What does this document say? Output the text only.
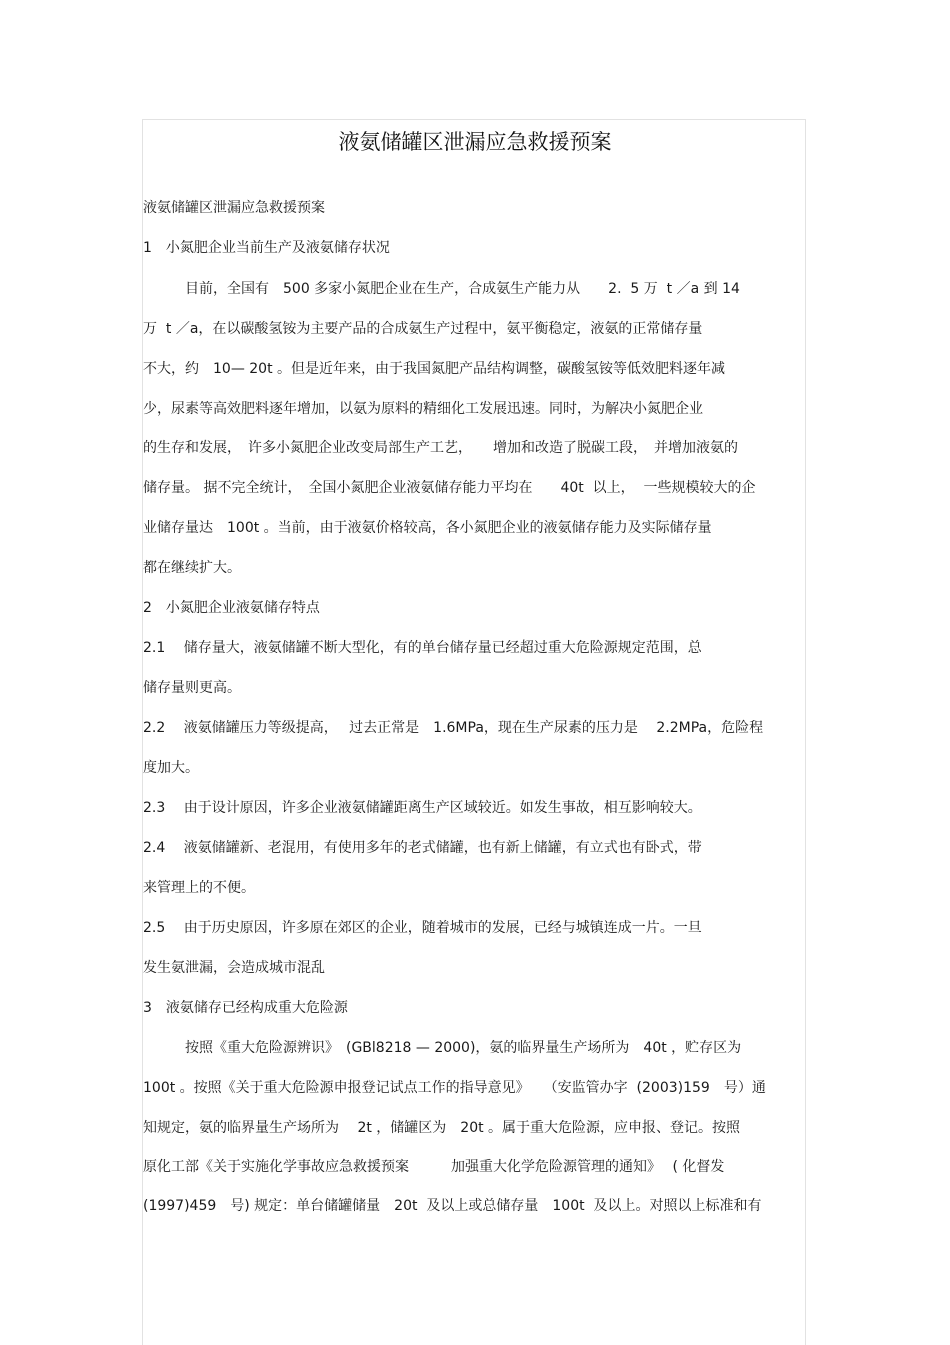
液氨储罐区泄漏应急救援预案
液氨储罐区泄漏应急救援预案
1　小氮肥企业当前生产及液氨储存状况
　　　目前，全国有　500 多家小氮肥企业在生产，合成氨生产能力从　　2.  5 万  t ／a 到 14
万  t ／a，在以碳酸氢铵为主要产品的合成氨生产过程中，氨平衡稳定，液氨的正常储存量
不大，约　10— 20t 。但是近年来，由于我国氮肥产品结构调整，碳酸氢铵等低效肥料逐年减
少，尿素等高效肥料逐年增加，以氨为原料的精细化工发展迅速。同时，为解决小氮肥企业
的生存和发展，　许多小氮肥企业改变局部生产工艺，　　增加和改造了脱碳工段，　并增加液氨的
储存量。 据不完全统计，　全国小氮肥企业液氨储存能力平均在　　40t  以上，  一些规模较大的企
业储存量达　100t 。当前，由于液氨价格较高，各小氮肥企业的液氨储存能力及实际储存量
都在继续扩大。
2　小氮肥企业液氨储存特点
2.1　 储存量大，液氨储罐不断大型化，有的单台储存量已经超过重大危险源规定范围，总
储存量则更高。
2.2　 液氨储罐压力等级提高，　 过去正常是　1.6MPa，现在生产尿素的压力是　 2.2MPa，危险程
度加大。
2.3　 由于设计原因，许多企业液氨储罐距离生产区域较近。如发生事故，相互影响较大。
2.4　 液氨储罐新、老混用，有使用多年的老式储罐，也有新上储罐，有立式也有卧式，带
来管理上的不便。
2.5　 由于历史原因，许多原在郊区的企业，随着城市的发展，已经与城镇连成一片。一旦
发生氨泄漏，会造成城市混乱
3　液氨储存已经构成重大危险源
　　　按照《重大危险源辨识》　(GBl8218 — 2000)，氨的临界量生产场所为　40t ，贮存区为
100t 。按照《关于重大危险源申报登记试点工作的指导意见》　　（安监管办字  (2003)159　号）通
知规定，氨的临界量生产场所为　 2t ，储罐区为　20t 。属于重大危险源，应申报、登记。按照
原化工部《关于实施化学事故应急救援预案　　　加强重大化学危险源管理的通知》　 ( 化督发
(1997)459　号) 规定：单台储罐储量　20t  及以上或总储存量　100t  及以上。对照以上标准和有
